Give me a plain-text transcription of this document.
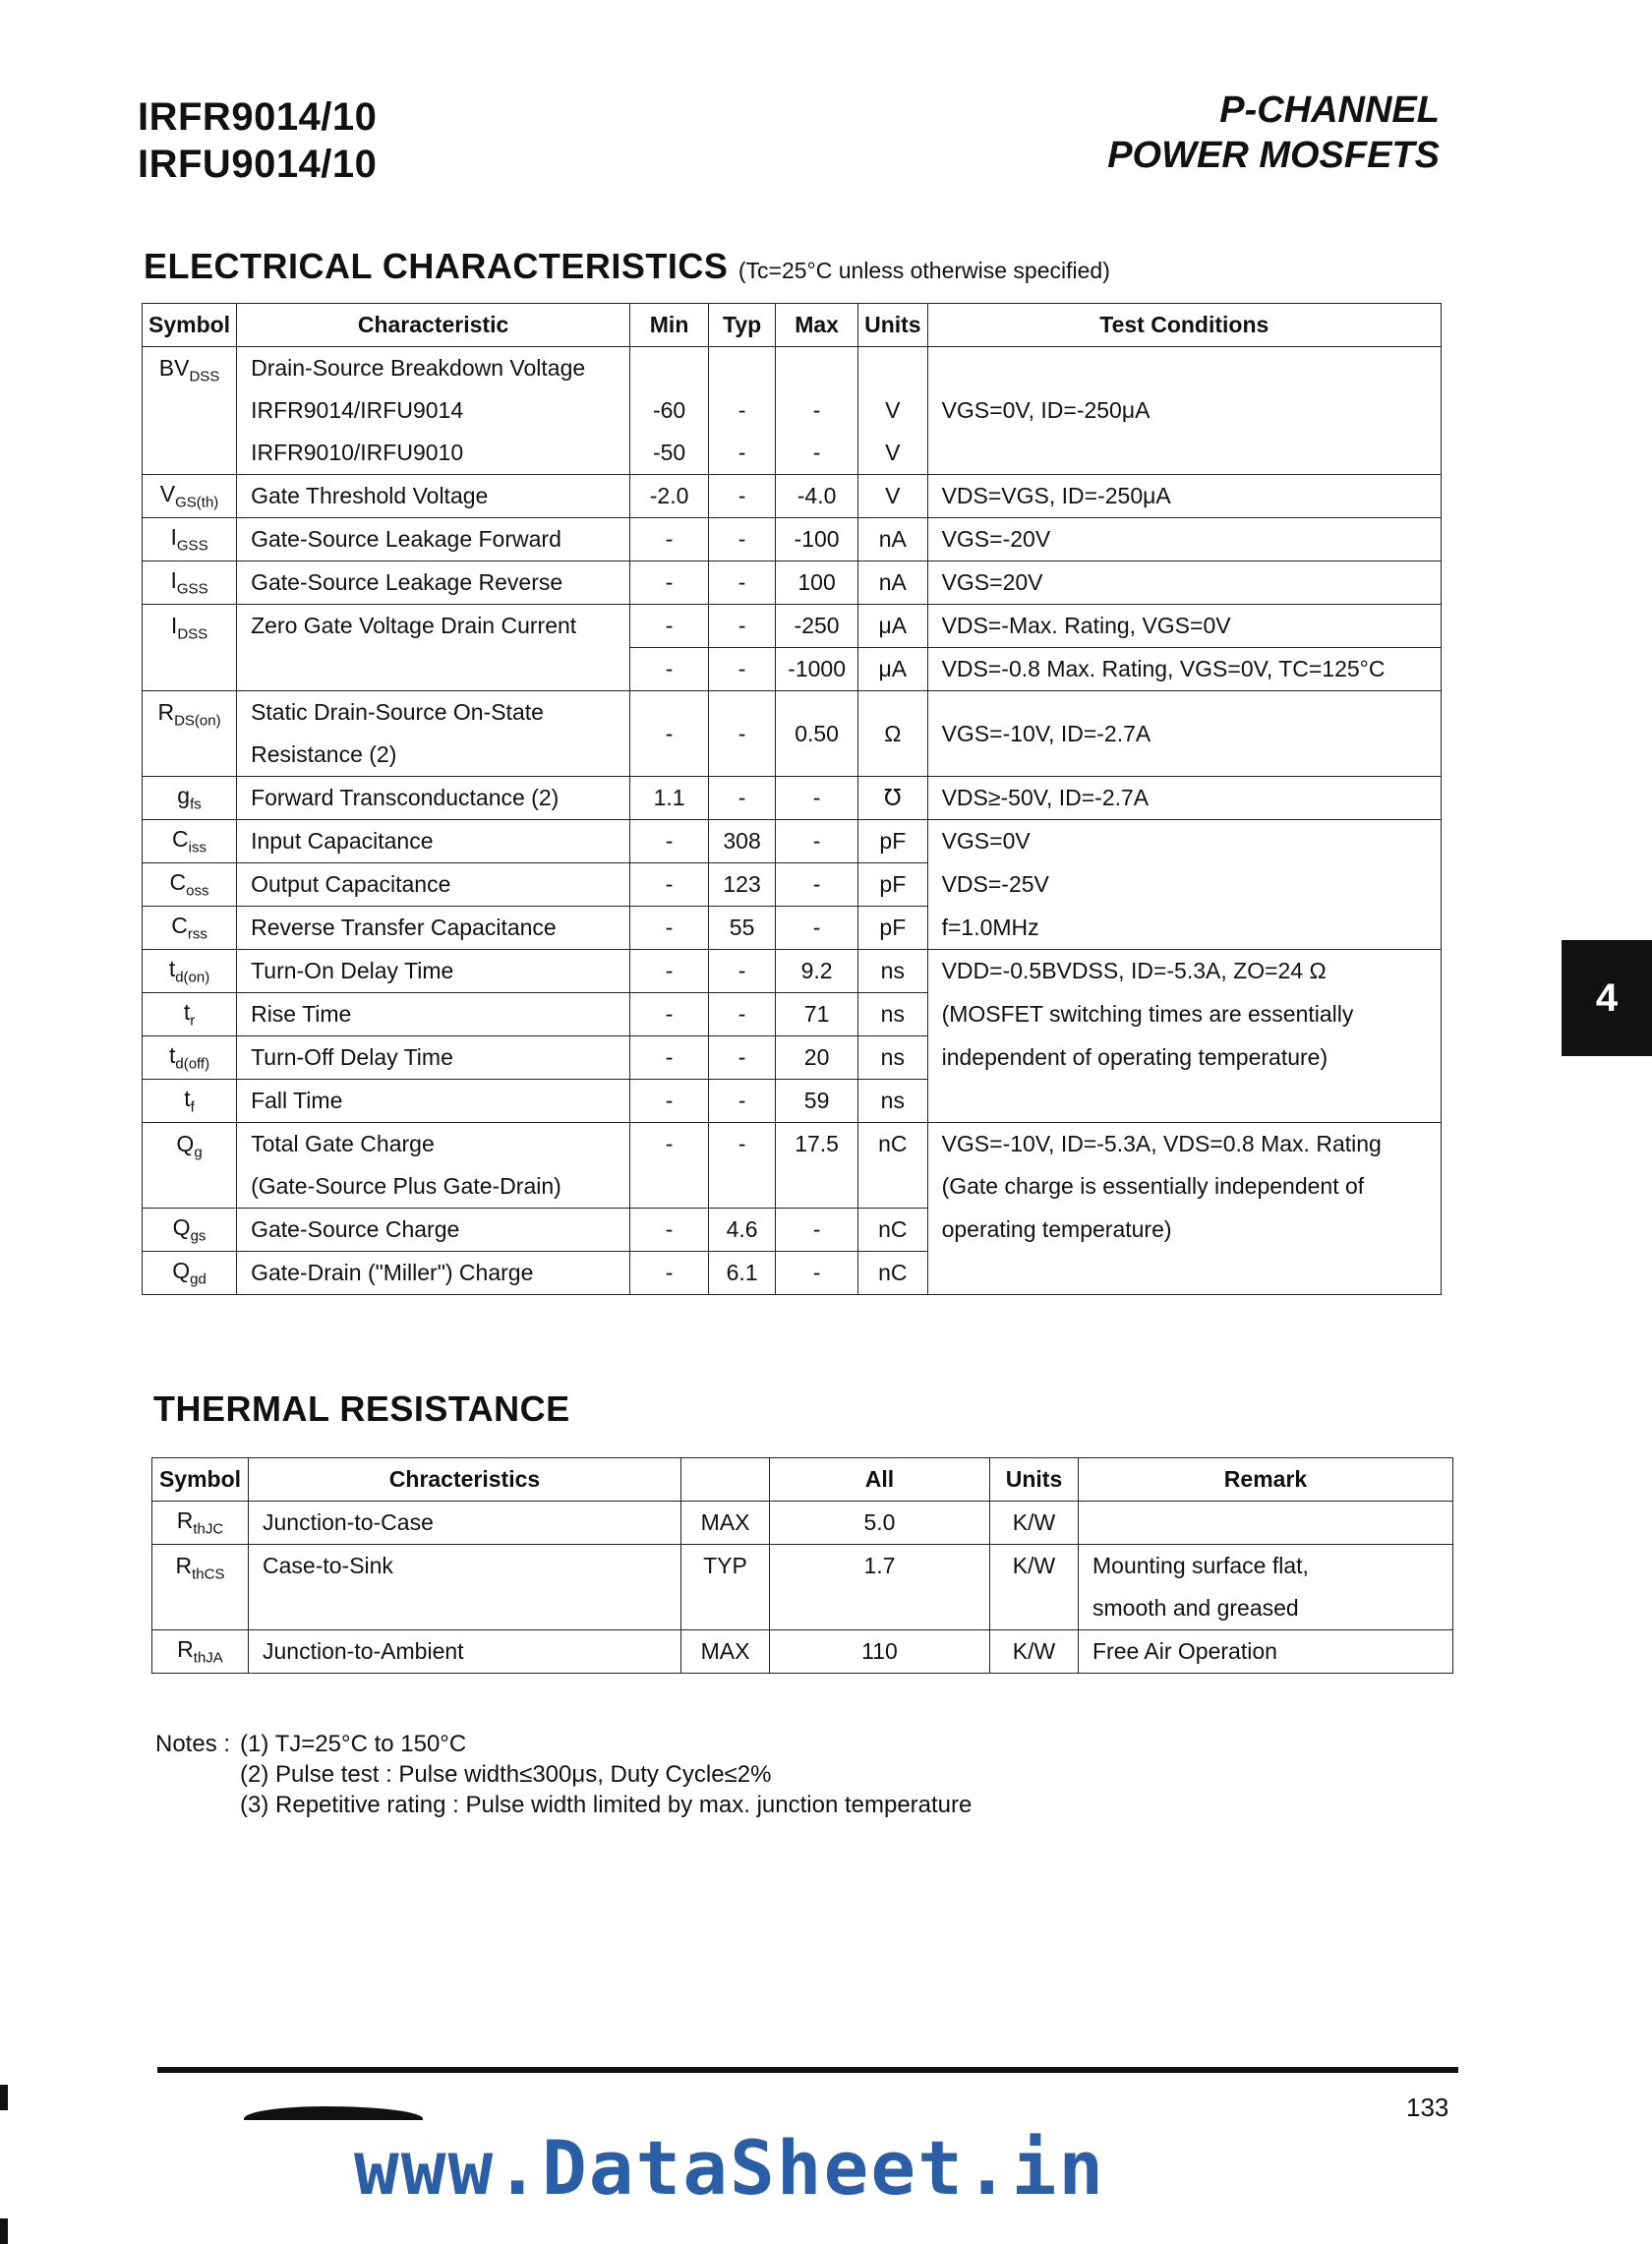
IRFR9014/10
IRFU9014/10
P-CHANNEL
POWER MOSFETS
ELECTRICAL CHARACTERISTICS (Tc=25°C unless otherwise specified)
Symbol	Characteristic	Min	Typ	Max	Units	Test Conditions
$BV_{DSS}$	Drain-Source Breakdown Voltage					VGS=0V, ID=-250μA
	IRFR9014/IRFU9014	-60	-	-	V	
	IRFR9010/IRFU9010	-50	-	-	V	
$V_{GS(th)}$	Gate Threshold Voltage	-2.0	-	-4.0	V	VDS=VGS, ID=-250μA
$I_{GSS}$	Gate-Source Leakage Forward	-	-	-100	nA	VGS=-20V
$I_{GSS}$	Gate-Source Leakage Reverse	-	-	100	nA	VGS=20V
$I_{DSS}$	Zero Gate Voltage Drain Current	-	-	-250	μA	VDS=-Max. Rating, VGS=0V
		-	-	-1000	μA	VDS=-0.8 Max. Rating, VGS=0V, TC=125°C
$R_{DS(on)}$	Static Drain-Source On-State	-	-	0.50	Ω	VGS=-10V, ID=-2.7A
	Resistance (2)					
$g_{fs}$	Forward Transconductance (2)	1.1	-	-	℧	VDS≥-50V, ID=-2.7A
$C_{iss}$	Input Capacitance	-	308	-	pF	VGS=0V
$C_{oss}$	Output Capacitance	-	123	-	pF	VDS=-25V
$C_{rss}$	Reverse Transfer Capacitance	-	55	-	pF	f=1.0MHz
$t_{d(on)}$	Turn-On Delay Time	-	-	9.2	ns	VDD=-0.5BVDSS, ID=-5.3A, ZO=24 Ω
$t_r$	Rise Time	-	-	71	ns	(MOSFET switching times are essentially
$t_{d(off)}$	Turn-Off Delay Time	-	-	20	ns	independent of operating temperature)
$t_f$	Fall Time	-	-	59	ns	
$Q_g$	Total Gate Charge	-	-	17.5	nC	VGS=-10V, ID=-5.3A, VDS=0.8 Max. Rating
	(Gate-Source Plus Gate-Drain)					(Gate charge is essentially independent of
$Q_{gs}$	Gate-Source Charge	-	4.6	-	nC	operating temperature)
$Q_{gd}$	Gate-Drain ("Miller") Charge	-	6.1	-	nC	
4
THERMAL RESISTANCE
Symbol	Chracteristics		All	Units	Remark
$R_{thJC}$	Junction-to-Case	MAX	5.0	K/W	
$R_{thCS}$	Case-to-Sink	TYP	1.7	K/W	Mounting surface flat,
					smooth and greased
$R_{thJA}$	Junction-to-Ambient	MAX	110	K/W	Free Air Operation
Notes : (1) TJ=25°C to 150°C
(2) Pulse test : Pulse width≤300μs, Duty Cycle≤2%
(3) Repetitive rating : Pulse width limited by max. junction temperature
133
www.DataSheet.in
